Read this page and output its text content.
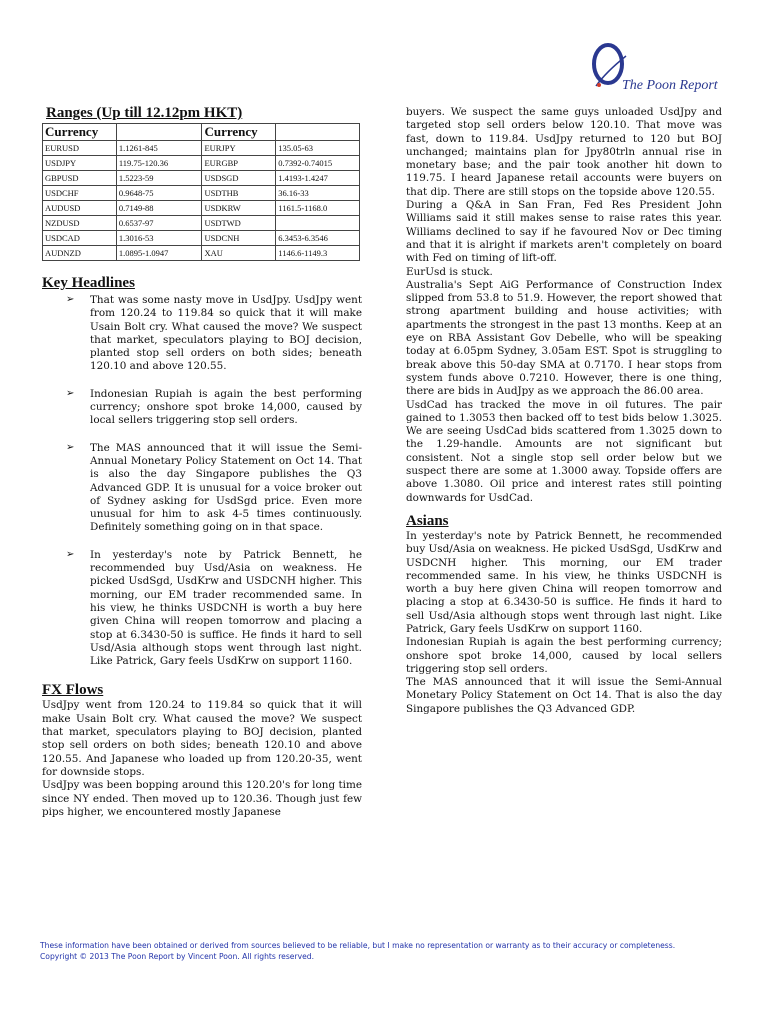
The Poon Report
Ranges (Up till 12.12pm HKT)
Currency		Currency	
EURUSD	1.1261-845	EURJPY	135.05-63
USDJPY	119.75-120.36	EURGBP	0.7392-0.74015
GBPUSD	1.5223-59	USDSGD	1.4193-1.4247
USDCHF	0.9648-75	USDTHB	36.16-33
AUDUSD	0.7149-88	USDKRW	1161.5-1168.0
NZDUSD	0.6537-97	USDTWD	
USDCAD	1.3016-53	USDCNH	6.3453-6.3546
AUDNZD	1.0895-1.0947	XAU	1146.6-1149.3
Key Headlines
➢ That was some nasty move in UsdJpy. UsdJpy went from 120.24 to 119.84 so quick that it will make Usain Bolt cry. What caused the move? We suspect that market, speculators playing to BOJ decision, planted stop sell orders on both sides; beneath 120.10 and above 120.55.

➢ Indonesian Rupiah is again the best performing currency; onshore spot broke 14,000, caused by local sellers triggering stop sell orders.

➢ The MAS announced that it will issue the Semi-Annual Monetary Policy Statement on Oct 14. That is also the day Singapore publishes the Q3 Advanced GDP. It is unusual for a voice broker out of Sydney asking for UsdSgd price. Even more unusual for him to ask 4-5 times continuously. Definitely something going on in that space.

➢ In yesterday's note by Patrick Bennett, he recommended buy Usd/Asia on weakness. He picked UsdSgd, UsdKrw and USDCNH higher. This morning, our EM trader recommended same. In his view, he thinks USDCNH is worth a buy here given China will reopen tomorrow and placing a stop at 6.3430-50 is suffice. He finds it hard to sell Usd/Asia although stops went through last night. Like Patrick, Gary feels UsdKrw on support 1160.

FX Flows

UsdJpy went from 120.24 to 119.84 so quick that it will make Usain Bolt cry. What caused the move? We suspect that market, speculators playing to BOJ decision, planted stop sell orders on both sides; beneath 120.10 and above 120.55. And Japanese who loaded up from 120.20-35, went for downside stops.

UsdJpy was been bopping around this 120.20's for long time since NY ended. Then moved up to 120.36. Though just few pips higher, we encountered mostly Japanese

buyers. We suspect the same guys unloaded UsdJpy and targeted stop sell orders below 120.10. That move was fast, down to 119.84. UsdJpy returned to 120 but BOJ unchanged; maintains plan for Jpy80trln annual rise in monetary base; and the pair took another hit down to 119.75. I heard Japanese retail accounts were buyers on that dip. There are still stops on the topside above 120.55.

During a Q&A in San Fran, Fed Res President John Williams said it still makes sense to raise rates this year. Williams declined to say if he favoured Nov or Dec timing and that it is alright if markets aren't completely on board with Fed on timing of lift-off.

EurUsd is stuck.

Australia's Sept AiG Performance of Construction Index slipped from 53.8 to 51.9. However, the report showed that strong apartment building and house activities; with apartments the strongest in the past 13 months. Keep at an eye on RBA Assistant Gov Debelle, who will be speaking today at 6.05pm Sydney, 3.05am EST. Spot is struggling to break above this 50-day SMA at 0.7170. I hear stops from system funds above 0.7210. However, there is one thing, there are bids in AudJpy as we approach the 86.00 area.

UsdCad has tracked the move in oil futures. The pair gained to 1.3053 then backed off to test bids below 1.3025. We are seeing UsdCad bids scattered from 1.3025 down to the 1.29-handle. Amounts are not significant but consistent. Not a single stop sell order below but we suspect there are some at 1.3000 away. Topside offers are above 1.3080. Oil price and interest rates still pointing downwards for UsdCad.

Asians

In yesterday's note by Patrick Bennett, he recommended buy Usd/Asia on weakness. He picked UsdSgd, UsdKrw and USDCNH higher. This morning, our EM trader recommended same. In his view, he thinks USDCNH is worth a buy here given China will reopen tomorrow and placing a stop at 6.3430-50 is suffice. He finds it hard to sell Usd/Asia although stops went through last night. Like Patrick, Gary feels UsdKrw on support 1160.

Indonesian Rupiah is again the best performing currency; onshore spot broke 14,000, caused by local sellers triggering stop sell orders.

The MAS announced that it will issue the Semi-Annual Monetary Policy Statement on Oct 14. That is also the day Singapore publishes the Q3 Advanced GDP.

These information have been obtained or derived from sources believed to be reliable, but I make no representation or warranty as to their accuracy or completeness.
Copyright © 2013 The Poon Report by Vincent Poon. All rights reserved.
